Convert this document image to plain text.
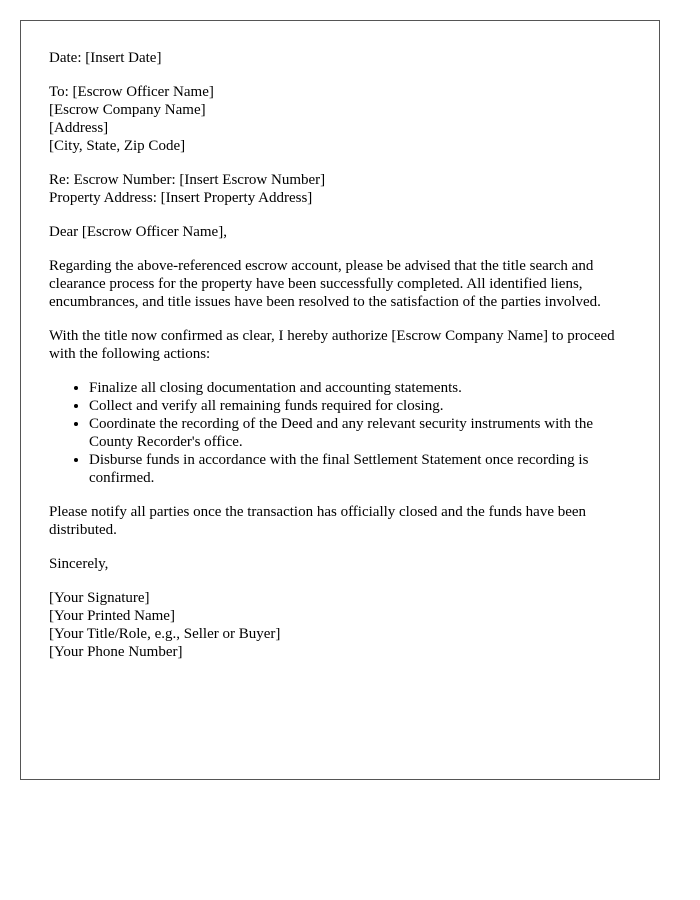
Date: [Insert Date]
To: [Escrow Officer Name]
[Escrow Company Name]
[Address]
[City, State, Zip Code]
Re: Escrow Number: [Insert Escrow Number]
Property Address: [Insert Property Address]

Dear [Escrow Officer Name],

Regarding the above-referenced escrow account, please be advised that the title search and clearance process for the property have been successfully completed. All identified liens, encumbrances, and title issues have been resolved to the satisfaction of the parties involved.

With the title now confirmed as clear, I hereby authorize [Escrow Company Name] to proceed with the following actions:

• Finalize all closing documentation and accounting statements.
• Collect and verify all remaining funds required for closing.
• Coordinate the recording of the Deed and any relevant security instruments with the County Recorder's office.
• Disburse funds in accordance with the final Settlement Statement once recording is confirmed.

Please notify all parties once the transaction has officially closed and the funds have been distributed.

Sincerely,

[Your Signature]
[Your Printed Name]
[Your Title/Role, e.g., Seller or Buyer]
[Your Phone Number]
